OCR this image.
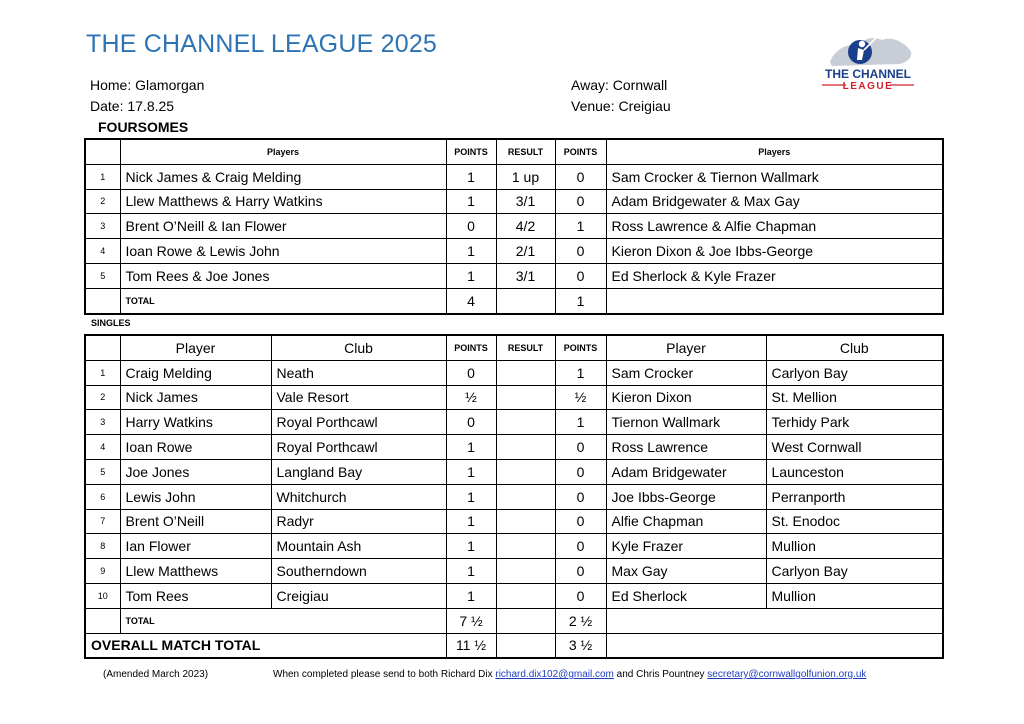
THE CHANNEL LEAGUE 2025
Home: Glamorgan
Date: 17.8.25
Away: Cornwall
Venue: Creigiau
THE CHANNEL
LEAGUE
FOURSOMES
	Players	POINTS	RESULT	POINTS	Players
1	Nick James & Craig Melding	1	1 up	0	Sam Crocker & Tiernon Wallmark
2	Llew Matthews & Harry Watkins	1	3/1	0	Adam Bridgewater & Max Gay
3	Brent O’Neill & Ian Flower	0	4/2	1	Ross Lawrence & Alfie Chapman
4	Ioan Rowe & Lewis John	1	2/1	0	Kieron Dixon & Joe Ibbs-George
5	Tom Rees & Joe Jones	1	3/1	0	Ed Sherlock & Kyle Frazer
	TOTAL	4		1	
SINGLES
	Player	Club	POINTS	RESULT	POINTS	Player	Club
1	Craig Melding	Neath	0		1	Sam Crocker	Carlyon Bay
2	Nick James	Vale Resort	½		½	Kieron Dixon	St. Mellion
3	Harry Watkins	Royal Porthcawl	0		1	Tiernon Wallmark	Terhidy Park
4	Ioan Rowe	Royal Porthcawl	1		0	Ross Lawrence	West Cornwall
5	Joe Jones	Langland Bay	1		0	Adam Bridgewater	Launceston
6	Lewis John	Whitchurch	1		0	Joe Ibbs-George	Perranporth
7	Brent O’Neill	Radyr	1		0	Alfie Chapman	St. Enodoc
8	Ian Flower	Mountain Ash	1		0	Kyle Frazer	Mullion
9	Llew Matthews	Southerndown	1		0	Max Gay	Carlyon Bay
10	Tom Rees	Creigiau	1		0	Ed Sherlock	Mullion
	TOTAL		7 ½		2 ½		
OVERALL MATCH TOTAL			11 ½		3 ½		
(Amended March 2023)	When completed please send to both Richard Dix richard.dix102@gmail.com and Chris Pountney secretary@cornwallgolfunion.org.uk
